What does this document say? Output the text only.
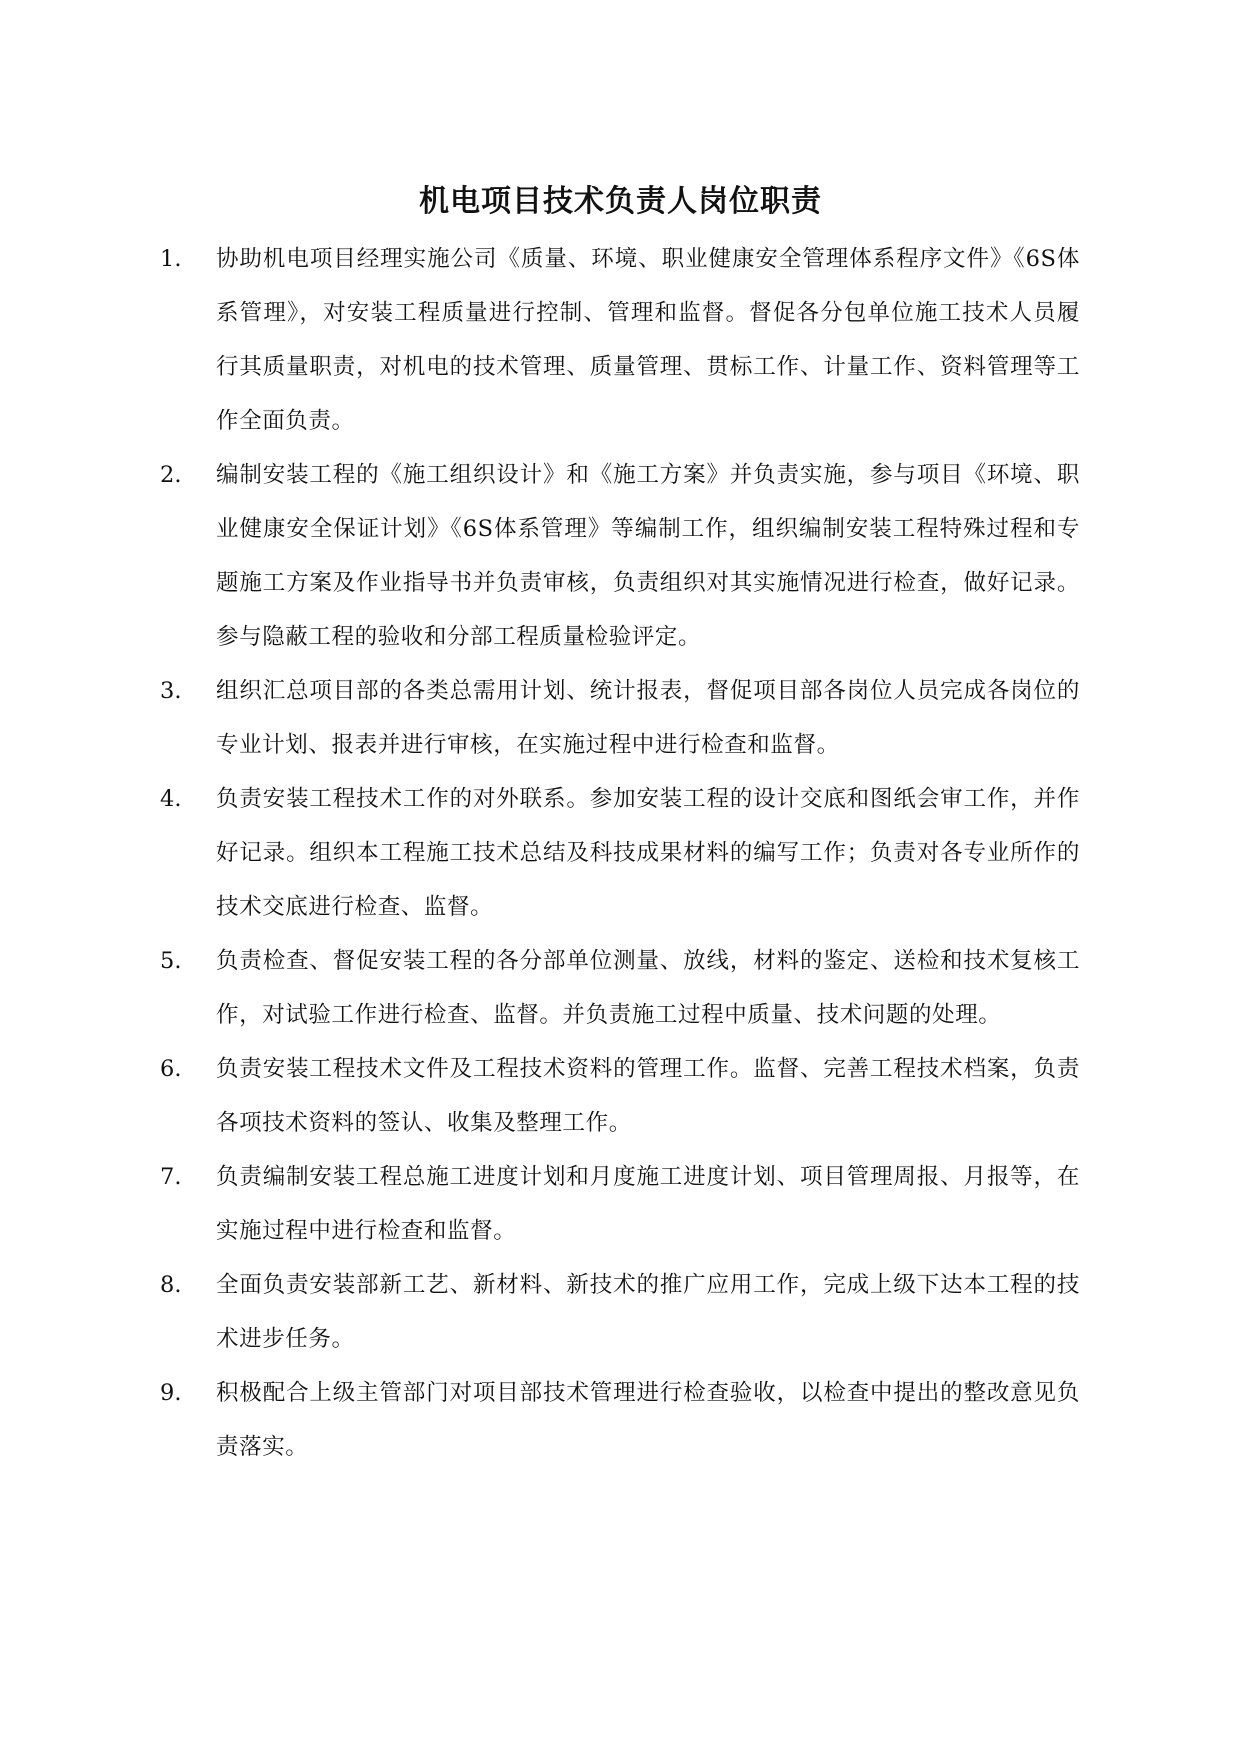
机电项目技术负责人岗位职责
1.	协助机电项目经理实施公司《质量、环境、职业健康安全管理体系程序文件》《6S体系管理》，对安装工程质量进行控制、管理和监督。督促各分包单位施工技术人员履行其质量职责，对机电的技术管理、质量管理、贯标工作、计量工作、资料管理等工作全面负责。
2.	编制安装工程的《施工组织设计》和《施工方案》并负责实施，参与项目《环境、职业健康安全保证计划》《6S体系管理》等编制工作，组织编制安装工程特殊过程和专题施工方案及作业指导书并负责审核，负责组织对其实施情况进行检查，做好记录。参与隐蔽工程的验收和分部工程质量检验评定。
3.	组织汇总项目部的各类总需用计划、统计报表，督促项目部各岗位人员完成各岗位的专业计划、报表并进行审核，在实施过程中进行检查和监督。
4.	负责安装工程技术工作的对外联系。参加安装工程的设计交底和图纸会审工作，并作好记录。组织本工程施工技术总结及科技成果材料的编写工作；负责对各专业所作的技术交底进行检查、监督。
5.	负责检查、督促安装工程的各分部单位测量、放线，材料的鉴定、送检和技术复核工作，对试验工作进行检查、监督。并负责施工过程中质量、技术问题的处理。
6.	负责安装工程技术文件及工程技术资料的管理工作。监督、完善工程技术档案，负责各项技术资料的签认、收集及整理工作。
7.	负责编制安装工程总施工进度计划和月度施工进度计划、项目管理周报、月报等，在实施过程中进行检查和监督。
8.	全面负责安装部新工艺、新材料、新技术的推广应用工作，完成上级下达本工程的技术进步任务。
9.	积极配合上级主管部门对项目部技术管理进行检查验收，以检查中提出的整改意见负责落实。
